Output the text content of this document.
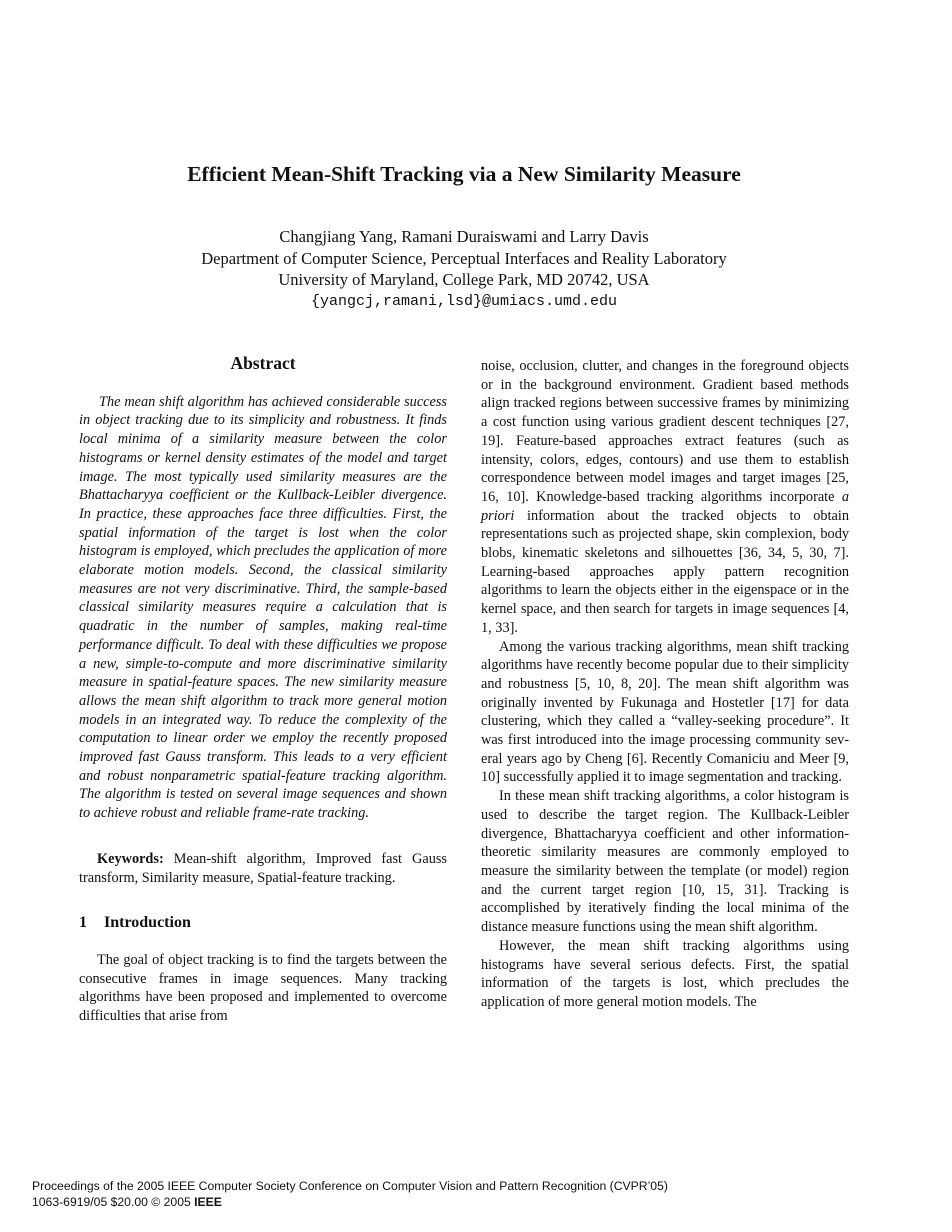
Efficient Mean-Shift Tracking via a New Similarity Measure
Changjiang Yang, Ramani Duraiswami and Larry Davis
Department of Computer Science, Perceptual Interfaces and Reality Laboratory
University of Maryland, College Park, MD 20742, USA
{yangcj,ramani,lsd}@umiacs.umd.edu
Abstract

The mean shift algorithm has achieved considerable success in object tracking due to its simplicity and robustness. It finds local minima of a similarity measure between the color histograms or kernel density estimates of the model and target image. The most typically used similarity measures are the Bhattacharyya coefficient or the Kullback-Leibler divergence. In practice, these approaches face three difficulties. First, the spatial information of the target is lost when the color histogram is employed, which precludes the application of more elaborate motion models. Second, the classical similarity measures are not very discriminative. Third, the sample-based classical similarity measures require a calculation that is quadratic in the number of samples, making real-time performance difficult. To deal with these difficulties we propose a new, simple-to-compute and more discriminative similarity measure in spatial-feature spaces. The new similarity measure allows the mean shift algorithm to track more general motion models in an integrated way. To reduce the complexity of the computation to linear order we employ the recently proposed improved fast Gauss transform. This leads to a very efficient and robust nonparametric spatial-feature tracking algorithm. The algorithm is tested on several image sequences and shown to achieve robust and reliable frame-rate tracking.

Keywords: Mean-shift algorithm, Improved fast Gauss transform, Similarity measure, Spatial-feature tracking.

1 Introduction

The goal of object tracking is to find the targets between the consecutive frames in image sequences. Many tracking algorithms have been proposed and implemented to overcome difficulties that arise from

noise, occlusion, clutter, and changes in the foreground objects or in the background environment. Gradient based methods align tracked regions between successive frames by minimizing a cost function using various gradient descent techniques [27, 19]. Feature-based approaches extract features (such as intensity, colors, edges, contours) and use them to establish correspondence between model images and target images [25, 16, 10]. Knowledge-based tracking algorithms incorporate a priori information about the tracked objects to obtain representations such as projected shape, skin complexion, body blobs, kinematic skeletons and silhouettes [36, 34, 5, 30, 7]. Learning-based approaches apply pattern recognition algorithms to learn the objects either in the eigenspace or in the kernel space, and then search for targets in image sequences [4, 1, 33].

Among the various tracking algorithms, mean shift tracking algorithms have recently become popular due to their simplicity and robustness [5, 10, 8, 20]. The mean shift algorithm was originally invented by Fukunaga and Hostetler [17] for data clustering, which they called a “valley-seeking procedure”. It was first introduced into the image processing community several years ago by Cheng [6]. Recently Comaniciu and Meer [9, 10] successfully applied it to image segmentation and tracking.

In these mean shift tracking algorithms, a color histogram is used to describe the target region. The Kullback-Leibler divergence, Bhattacharyya coefficient and other information-theoretic similarity measures are commonly employed to measure the similarity between the template (or model) region and the current target region [10, 15, 31]. Tracking is accomplished by iteratively finding the local minima of the distance measure functions using the mean shift algorithm.

However, the mean shift tracking algorithms using histograms have several serious defects. First, the spatial information of the targets is lost, which precludes the application of more general motion models. The

Proceedings of the 2005 IEEE Computer Society Conference on Computer Vision and Pattern Recognition (CVPR’05)
1063-6919/05 $20.00 © 2005 IEEE
